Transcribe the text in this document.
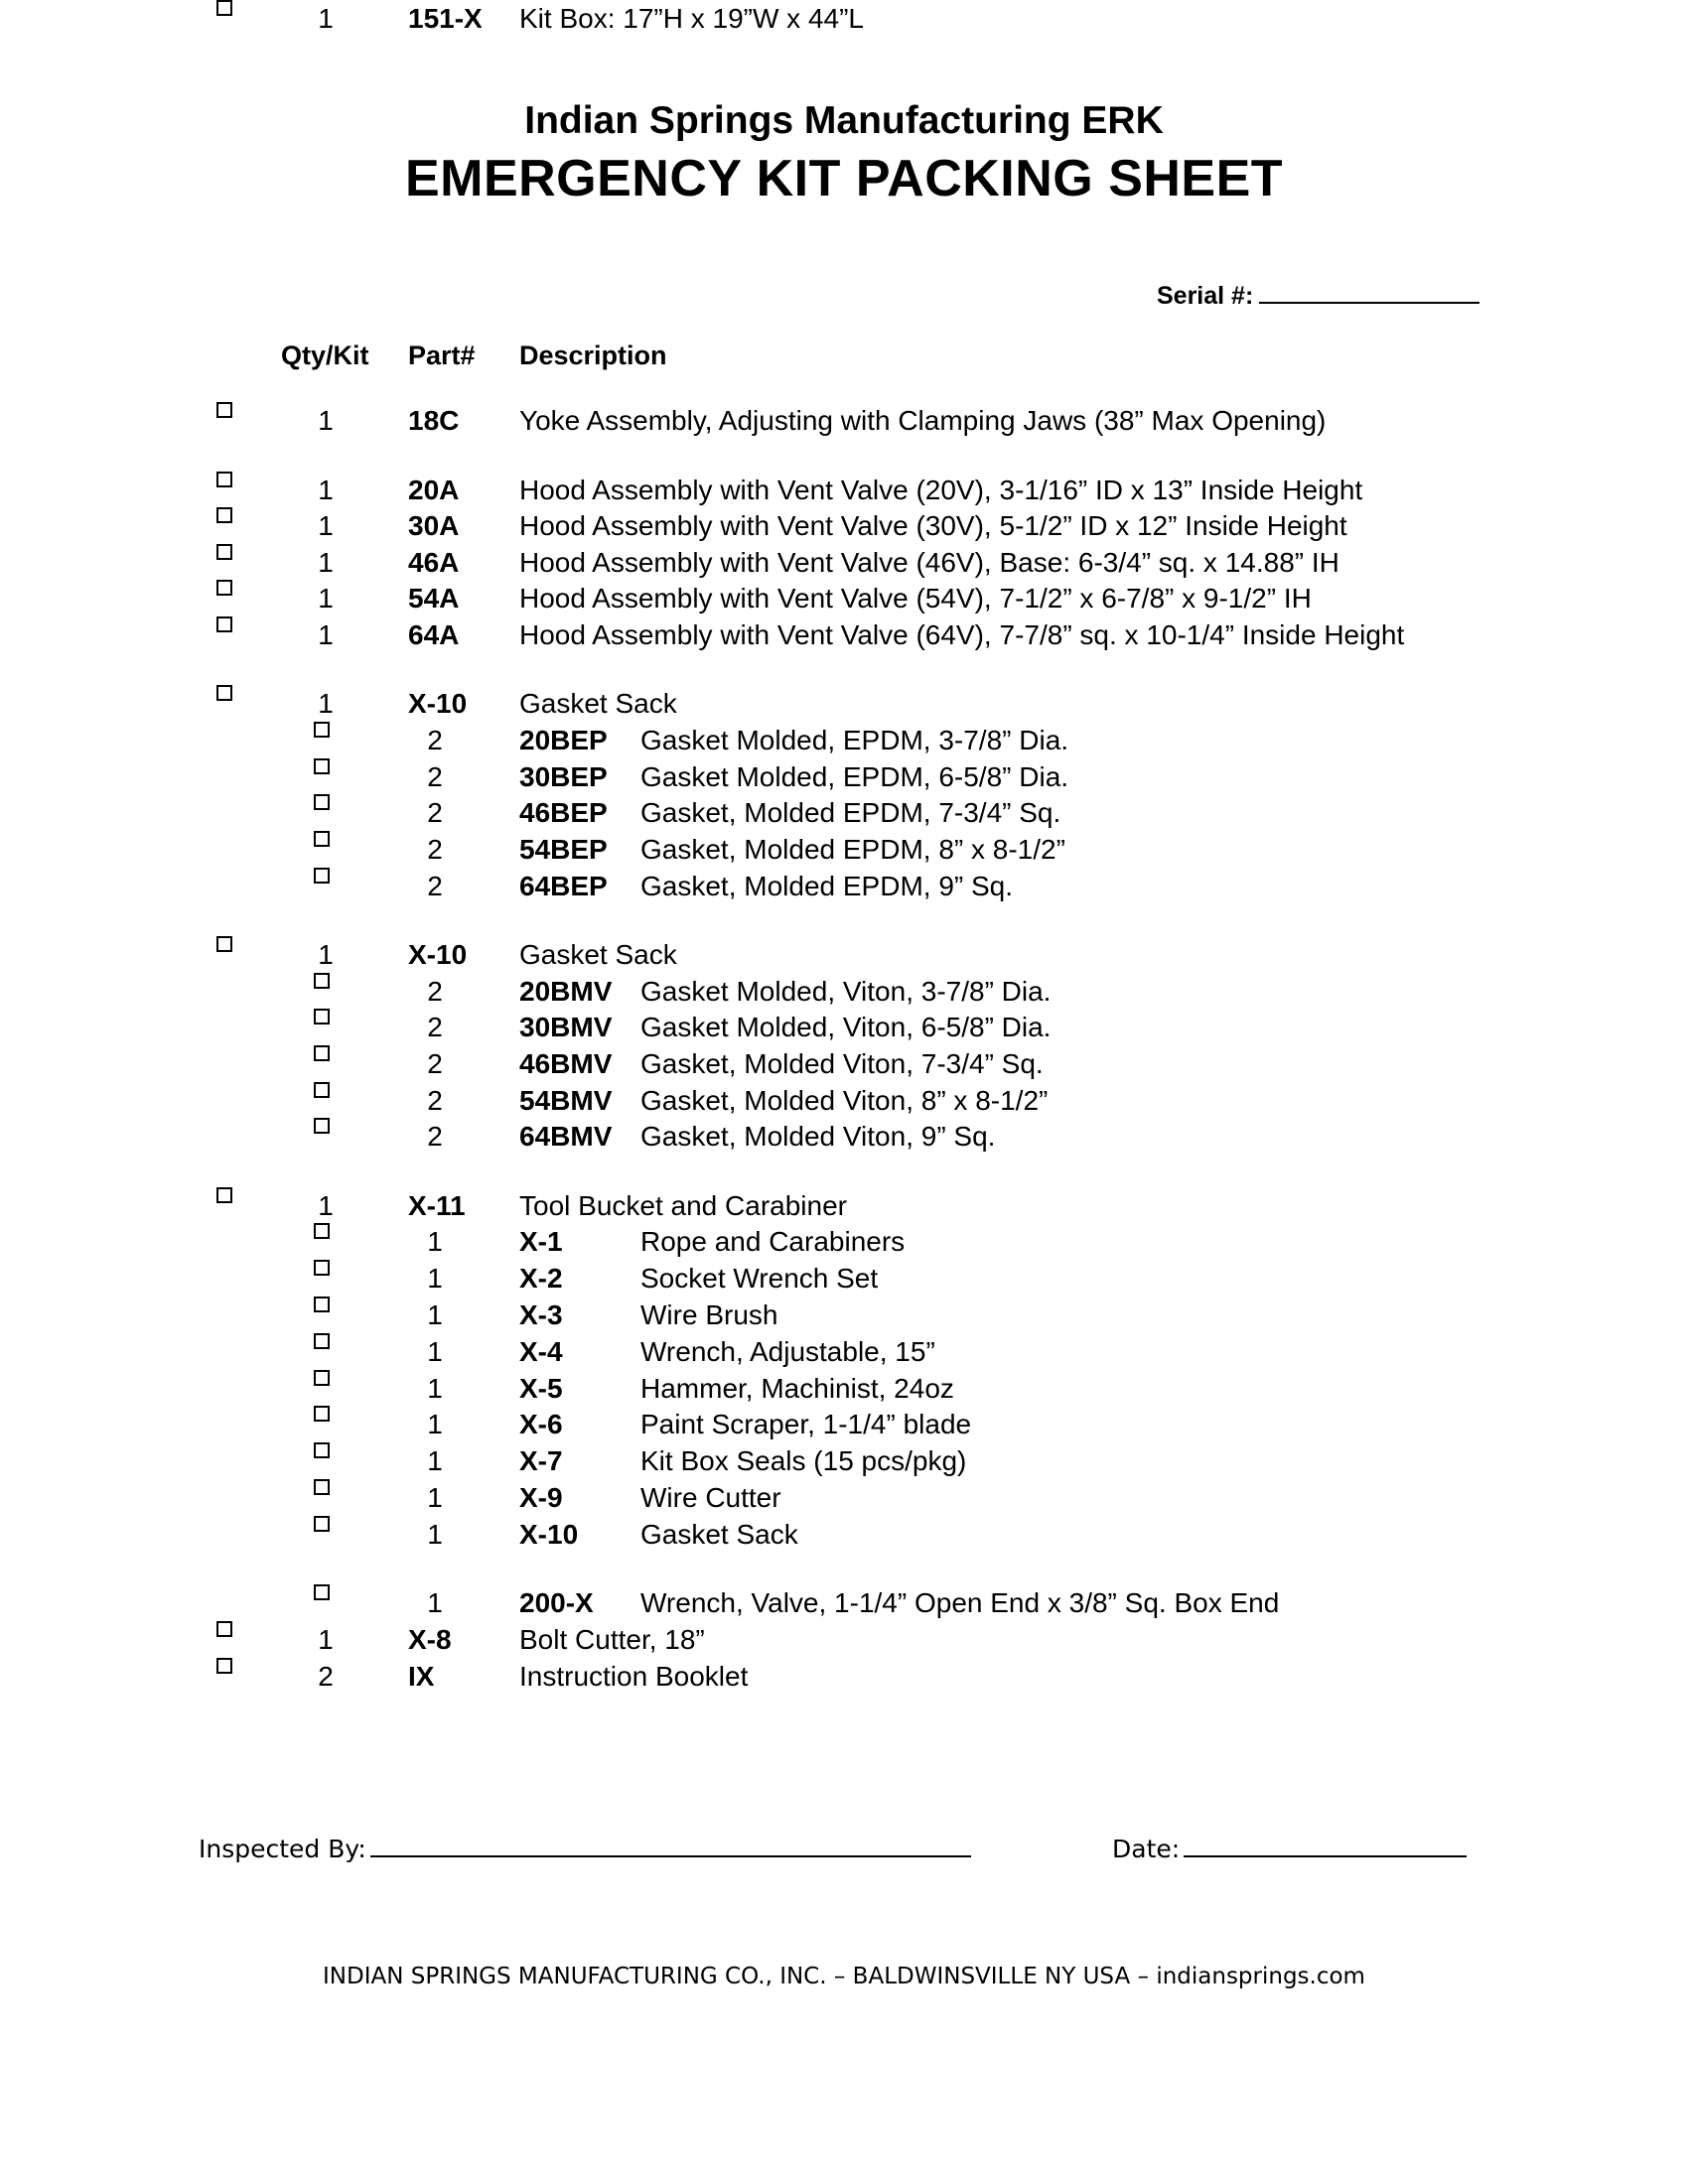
Indian Springs Manufacturing ERK
EMERGENCY KIT PACKING SHEET
Serial #:
Qty/Kit Part# Description
1	18C Yoke Assembly, Adjusting with Clamping Jaws (38” Max Opening)
1	20A Hood Assembly with Vent Valve (20V), 3-1/16” ID x 13” Inside Height
1	30A Hood Assembly with Vent Valve (30V), 5-1/2” ID x 12” Inside Height
1	46A Hood Assembly with Vent Valve (46V), Base: 6-3/4” sq. x 14.88” IH
1	54A Hood Assembly with Vent Valve (54V), 7-1/2” x 6-7/8” x 9-1/2” IH
1	64A Hood Assembly with Vent Valve (64V), 7-7/8” sq. x 10-1/4” Inside Height
1	X-10 Gasket Sack
2	20BEP Gasket Molded, EPDM, 3-7/8” Dia.
2	30BEP Gasket Molded, EPDM, 6-5/8” Dia.
2	46BEP Gasket, Molded EPDM, 7-3/4” Sq.
2	54BEP Gasket, Molded EPDM, 8” x 8-1/2”
2	64BEP Gasket, Molded EPDM, 9” Sq.
1	X-10 Gasket Sack
2	20BMV Gasket Molded, Viton, 3-7/8” Dia.
2	30BMV Gasket Molded, Viton, 6-5/8” Dia.
2	46BMV Gasket, Molded Viton, 7-3/4” Sq.
2	54BMV Gasket, Molded Viton, 8” x 8-1/2”
2	64BMV Gasket, Molded Viton, 9” Sq.
1	X-11 Tool Bucket and Carabiner
1	X-1	Rope and Carabiners
1	X-2	Socket Wrench Set
1	X-3	Wire Brush
1	X-4	Wrench, Adjustable, 15”
1	X-5	Hammer, Machinist, 24oz
1	X-6	Paint Scraper, 1-1/4” blade
1	X-7	Kit Box Seals (15 pcs/pkg)
1	X-9	Wire Cutter
1	X-10 Gasket Sack
1	200-X Wrench, Valve, 1-1/4” Open End x 3/8” Sq. Box End
1	X-8 Bolt Cutter, 18”
2	IX	Instruction Booklet
1	151-X Kit Box: 17”H x 19”W x 44”L
Inspected By:	Date:
INDIAN SPRINGS MANUFACTURING CO., INC. – BALDWINSVILLE NY USA – indiansprings.com
